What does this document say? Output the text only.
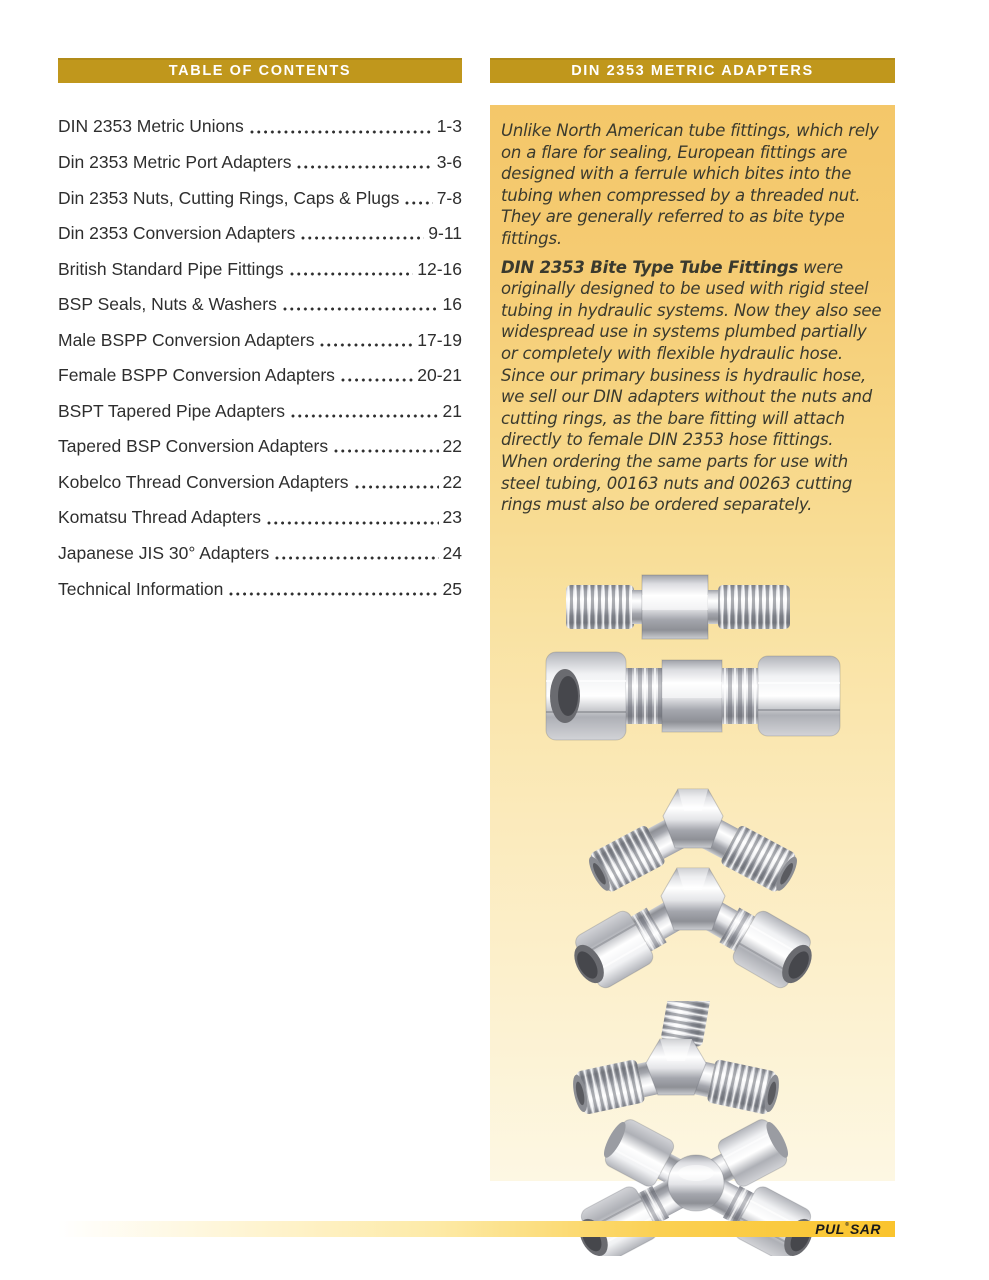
TABLE OF CONTENTS
DIN 2353 Metric Unions	1-3
Din 2353 Metric Port Adapters	3-6
Din 2353 Nuts, Cutting Rings, Caps & Plugs 7-8
Din 2353 Conversion Adapters	9-11
British Standard Pipe Fittings	12-16
BSP Seals, Nuts & Washers	16
Male BSPP Conversion Adapters	17-19
Female BSPP Conversion Adapters	20-21
BSPT Tapered Pipe Adapters	21
Tapered BSP Conversion Adapters	22
Kobelco Thread Conversion Adapters	22
Komatsu Thread Adapters	23
Japanese JIS 30° Adapters	24
Technical Information	25
DIN 2353 METRIC ADAPTERS

Unlike North American tube fittings, which rely on a flare for sealing, European fittings are designed with a ferrule which bites into the tubing when compressed by a threaded nut. They are generally referred to as bite type fittings.

DIN 2353 Bite Type Tube Fittings were originally designed to be used with rigid steel tubing in hydraulic systems. Now they also see widespread use in systems plumbed partially or completely with flexible hydraulic hose. Since our primary business is hydraulic hose, we sell our DIN adapters without the nuts and cutting rings, as the bare fitting will attach directly to female DIN 2353 hose fittings. When ordering the same parts for use with steel tubing, 00163 nuts and 00263 cutting rings must also be ordered separately.

PUL ® SAR
